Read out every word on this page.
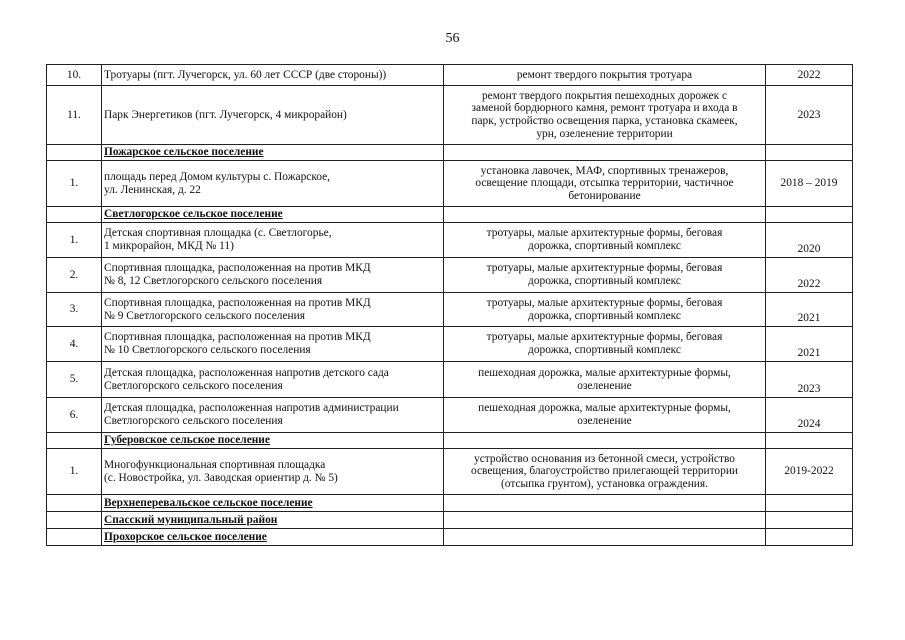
56
10.	Тротуары (пгт. Лучегорск, ул. 60 лет СССР (две стороны))	ремонт твердого покрытия тротуара	2022
11.	Парк Энергетиков (пгт. Лучегорск, 4 микрорайон)	ремонт твердого покрытия пешеходных дорожек с
заменой бордюрного камня, ремонт тротуара и входа в
парк, устройство освещения парка, установка скамеек,
урн, озеленение территории	2023
	Пожарское сельское поселение		
1.	площадь перед Домом культуры с. Пожарское,
ул. Ленинская, д. 22	установка лавочек, МАФ, спортивных тренажеров,
освещение площади, отсыпка территории, частичное
бетонирование	2018 – 2019
	Светлогорское сельское поселение		
1.	Детская спортивная площадка (с. Светлогорье,
1 микрорайон, МКД № 11)	тротуары, малые архитектурные формы, беговая
дорожка, спортивный комплекс	2020
2.	Спортивная площадка, расположенная на против МКД
№ 8, 12 Светлогорского сельского поселения	тротуары, малые архитектурные формы, беговая
дорожка, спортивный комплекс	2022
3.	Спортивная площадка, расположенная на против МКД
№ 9 Светлогорского сельского поселения	тротуары, малые архитектурные формы, беговая
дорожка, спортивный комплекс	2021
4.	Спортивная площадка, расположенная на против МКД
№ 10 Светлогорского сельского поселения	тротуары, малые архитектурные формы, беговая
дорожка, спортивный комплекс	2021
5.	Детская площадка, расположенная напротив детского сада
Светлогорского сельского поселения	пешеходная дорожка, малые архитектурные формы,
озеленение	2023
6.	Детская площадка, расположенная напротив администрации
Светлогорского сельского поселения	пешеходная дорожка, малые архитектурные формы,
озеленение	2024
	Губеровское сельское поселение		
1.	Многофункциональная спортивная площадка
(с. Новостройка, ул. Заводская ориентир д. № 5)	устройство основания из бетонной смеси, устройство
освещения, благоустройство прилегающей территории
(отсыпка грунтом), установка ограждения.	2019-2022
	Верхнеперевальское сельское поселение		
	Спасский муниципальный район		
	Прохорское сельское поселение		
